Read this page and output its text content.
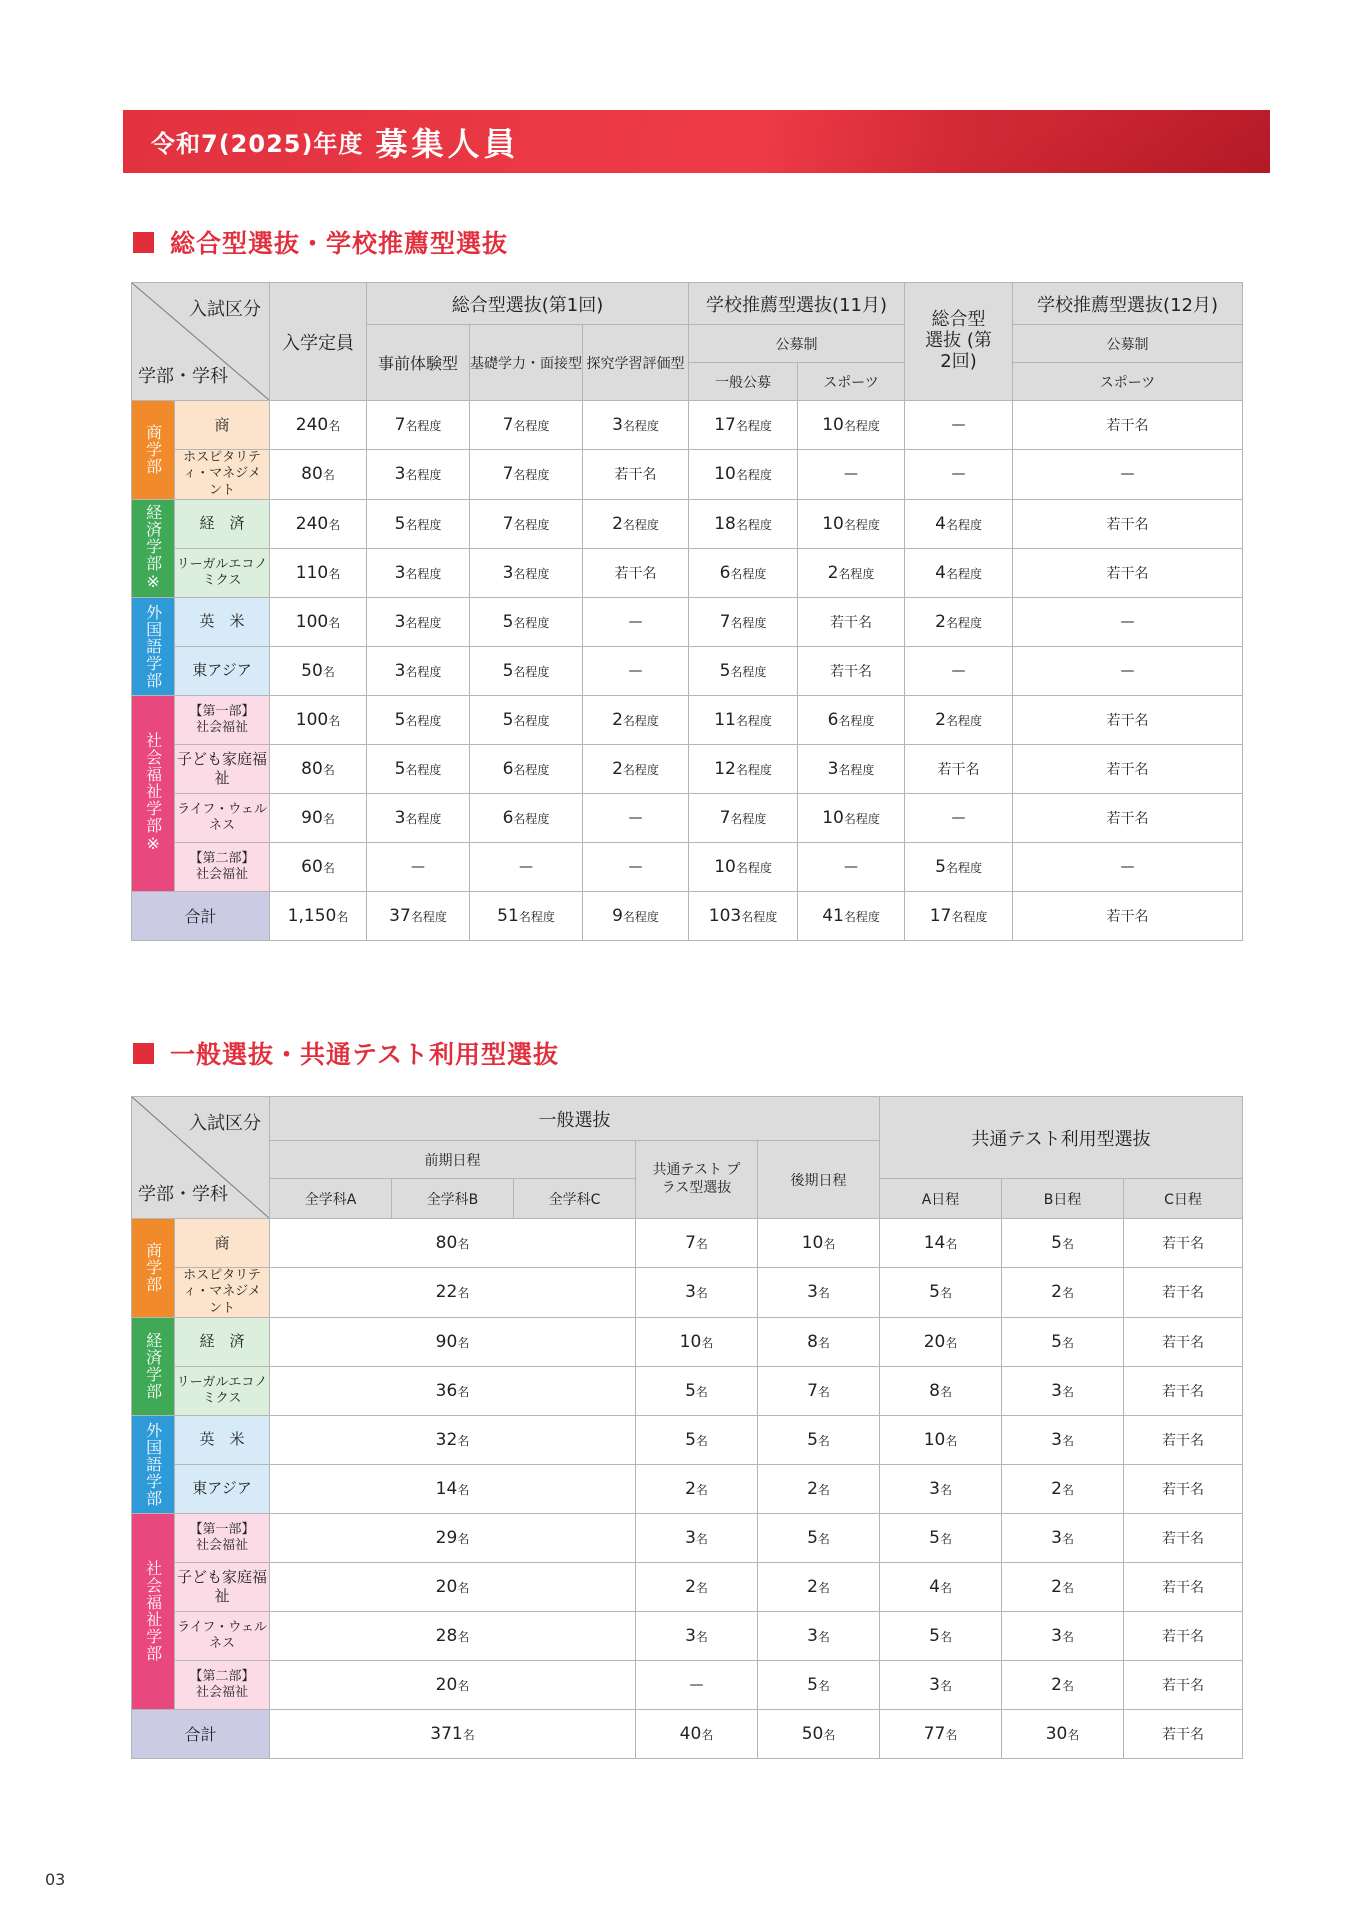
令和7(2025)年度 募集人員
総合型選抜・学校推薦型選抜
入試区分
学部・学科		入学定員	総合型選抜(第1回)			学校推薦型選抜(11月)		総合型 選抜 (第2回)	学校推薦型選抜(12月)
			事前体験型	基礎学力・面接型	探究学習評価型	公募制			公募制
						一般公募	スポーツ		スポーツ

商学部	商	240名	7名程度	7名程度	3名程度	17名程度	10名程度	—	若干名
	ホスピタリティ・マネジメント	80名	3名程度	7名程度	若干名	10名程度	—	—	—

経済学部※	経　済	240名	5名程度	7名程度	2名程度	18名程度	10名程度	4名程度	若干名
	リーガルエコノミクス	110名	3名程度	3名程度	若干名	6名程度	2名程度	4名程度	若干名

外国語学部	英　米	100名	3名程度	5名程度	—	7名程度	若干名	2名程度	—
	東アジア	50名	3名程度	5名程度	—	5名程度	若干名	—	—

社会福祉学部※	【第一部】社会福祉	100名	5名程度	5名程度	2名程度	11名程度	6名程度	2名程度	若干名
	子ども家庭福祉	80名	5名程度	6名程度	2名程度	12名程度	3名程度	若干名	若干名
	ライフ・ウェルネス	90名	3名程度	6名程度	—	7名程度	10名程度	—	若干名
	【第二部】社会福祉	60名	—	—	—	10名程度	—	5名程度	—
合計		1,150名	37名程度	51名程度	9名程度	103名程度	41名程度	17名程度	若干名
一般選抜・共通テスト利用型選抜
入試区分
学部・学科		一般選抜					共通テスト利用型選抜		
		前期日程			共通テスト プラス型選抜	後期日程			
		全学科A	全学科B	全学科C			A日程	B日程	C日程

商学部	商	80名			7名	10名	14名	5名	若干名
	ホスピタリティ・マネジメント	22名			3名	3名	5名	2名	若干名

経済学部	経　済	90名			10名	8名	20名	5名	若干名
	リーガルエコノミクス	36名			5名	7名	8名	3名	若干名

外国語学部	英　米	32名			5名	5名	10名	3名	若干名
	東アジア	14名			2名	2名	3名	2名	若干名

社会福祉学部	【第一部】社会福祉	29名			3名	5名	5名	3名	若干名
	子ども家庭福祉	20名			2名	2名	4名	2名	若干名
	ライフ・ウェルネス	28名			3名	3名	5名	3名	若干名
	【第二部】社会福祉	20名			—	5名	3名	2名	若干名
合計		371名			40名	50名	77名	30名	若干名
03
